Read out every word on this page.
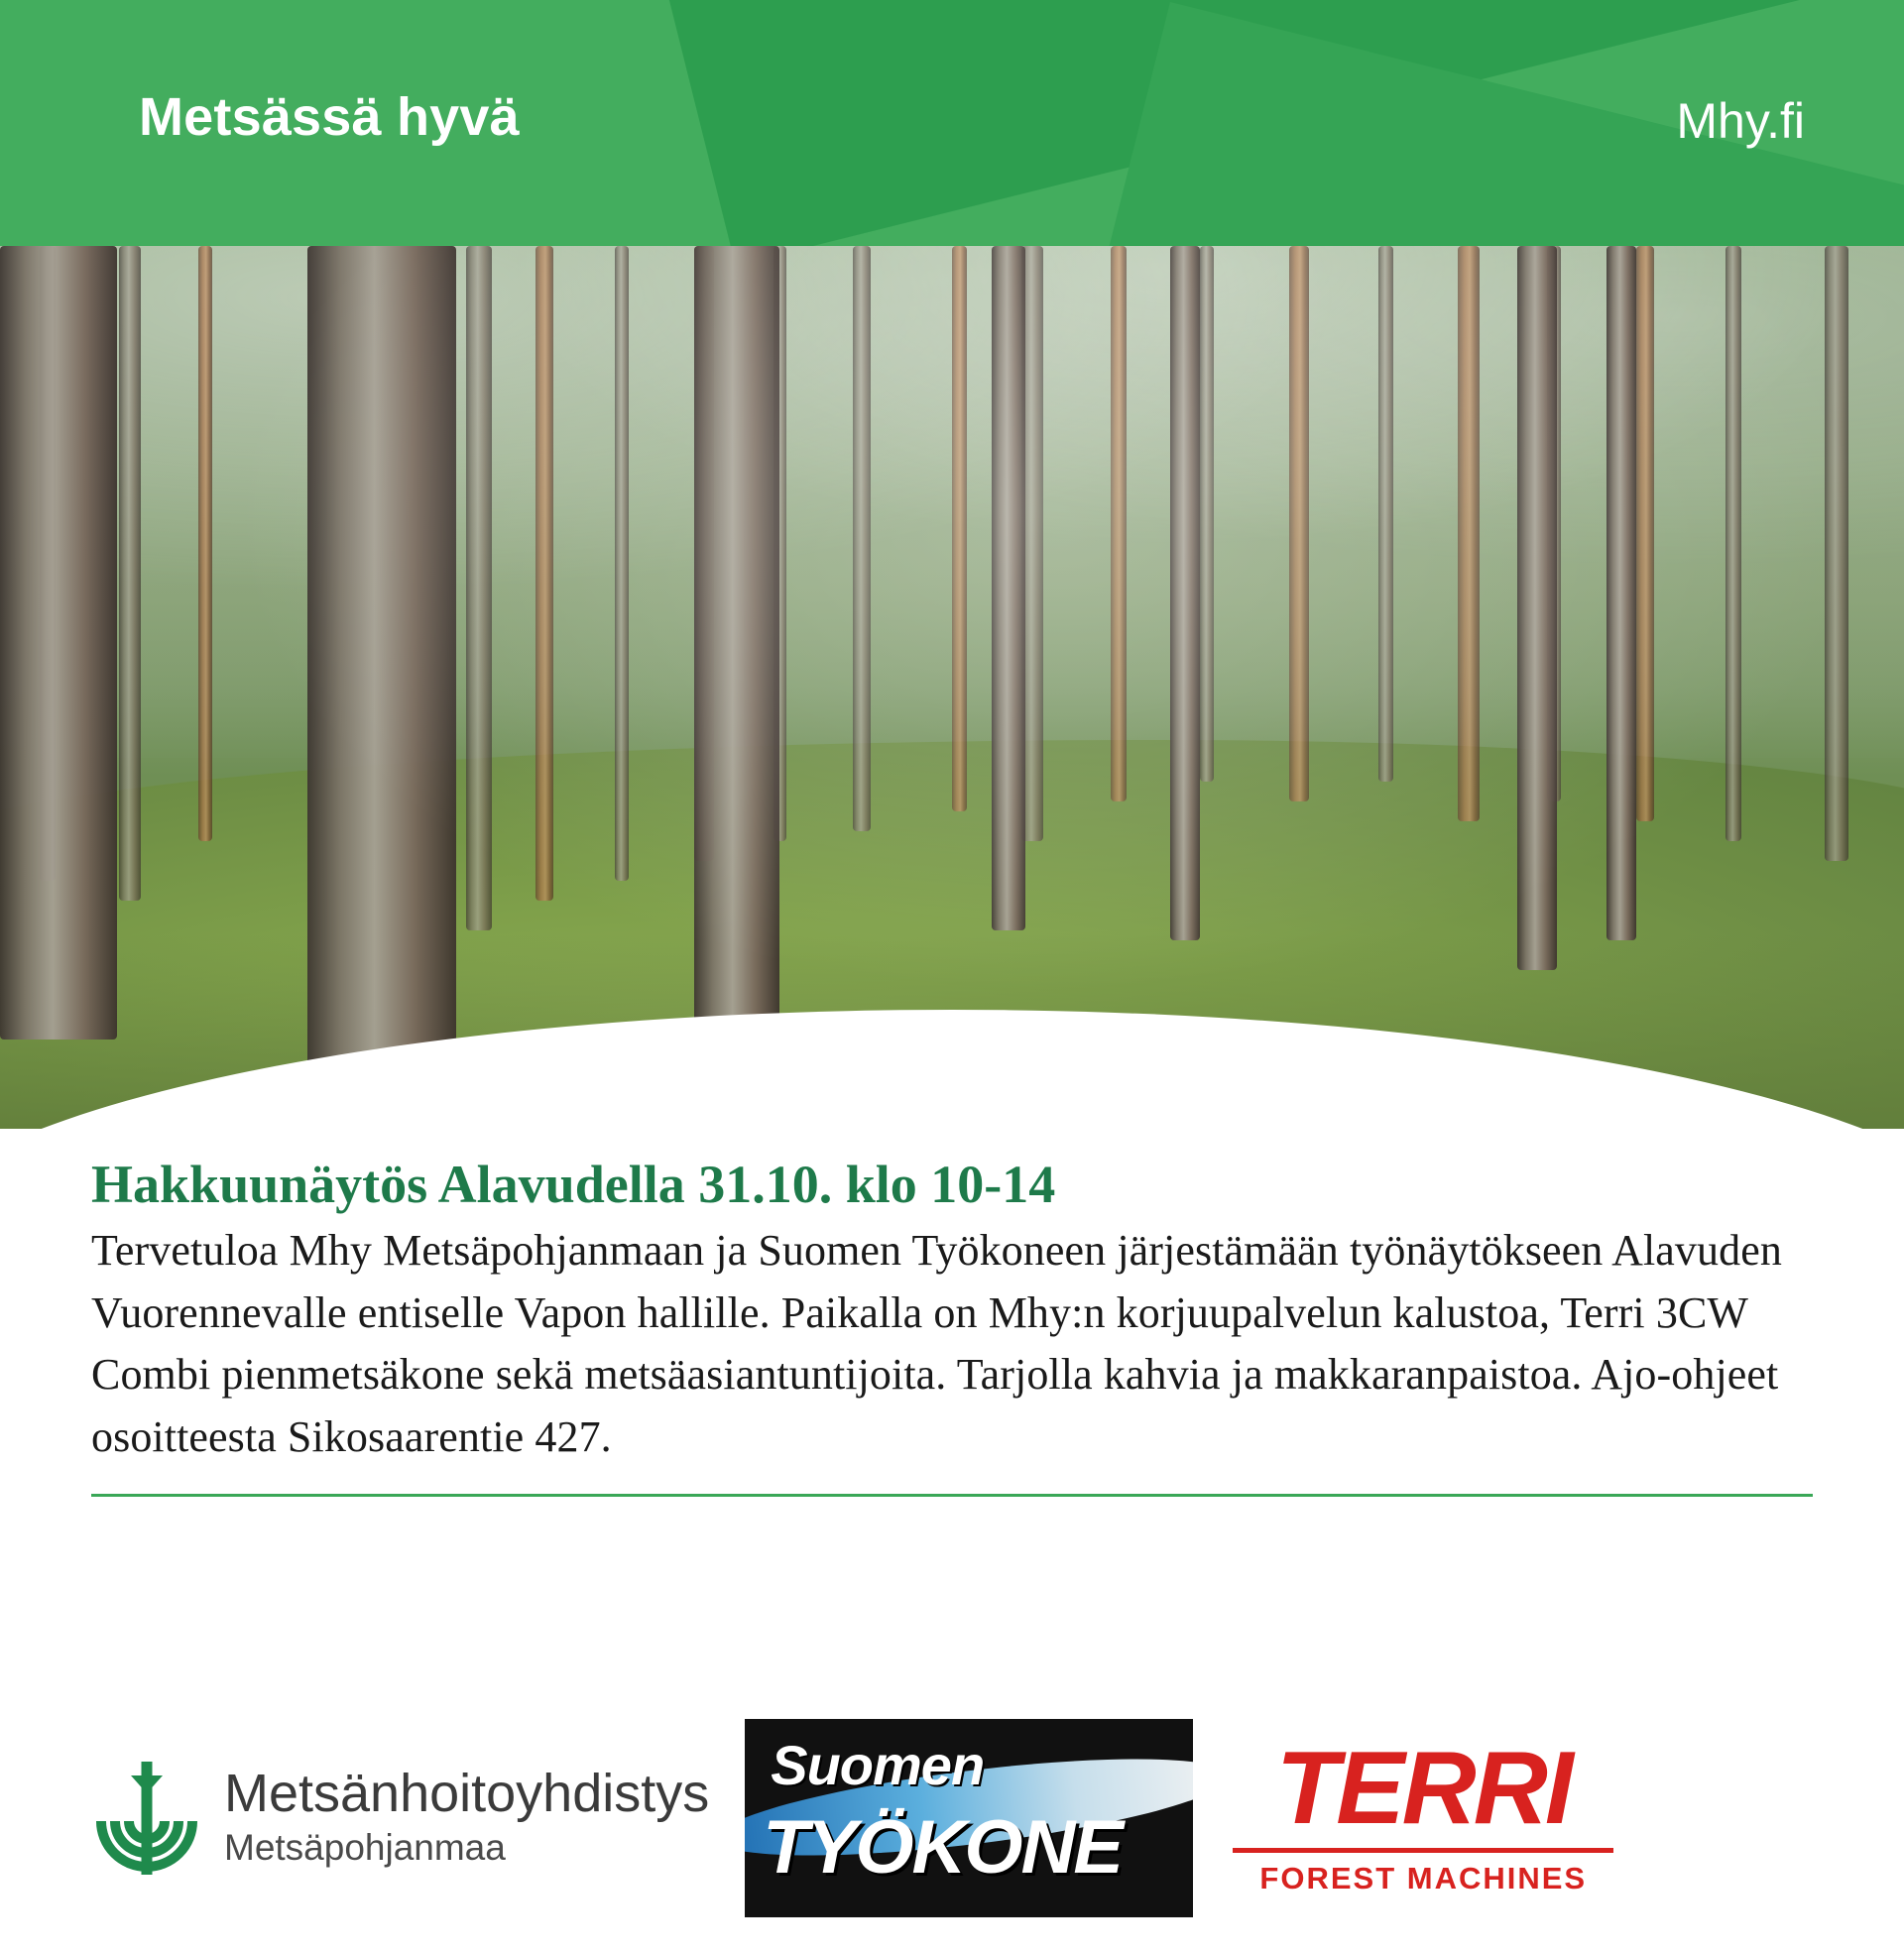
Metsässä hyvä	Mhy.fi
Hakkuunäytös Alavudella 31.10. klo 10-14

Tervetuloa Mhy Metsäpohjanmaan ja Suomen Työkoneen järjestämään työnäytökseen Alavuden Vuorennevalle entiselle Vapon hallille. Paikalla on Mhy:n korjuupalvelun kalustoa, Terri 3CW Combi pienmetsäkone sekä metsäasiantuntijoita. Tarjolla kahvia ja makkaranpaistoa. Ajo-ohjeet osoitteesta Sikosaarentie 427.

Metsänhoitoyhdistys
Metsäpohjanmaa
Suomen
TYÖKONE
TERRI
FOREST MACHINES
